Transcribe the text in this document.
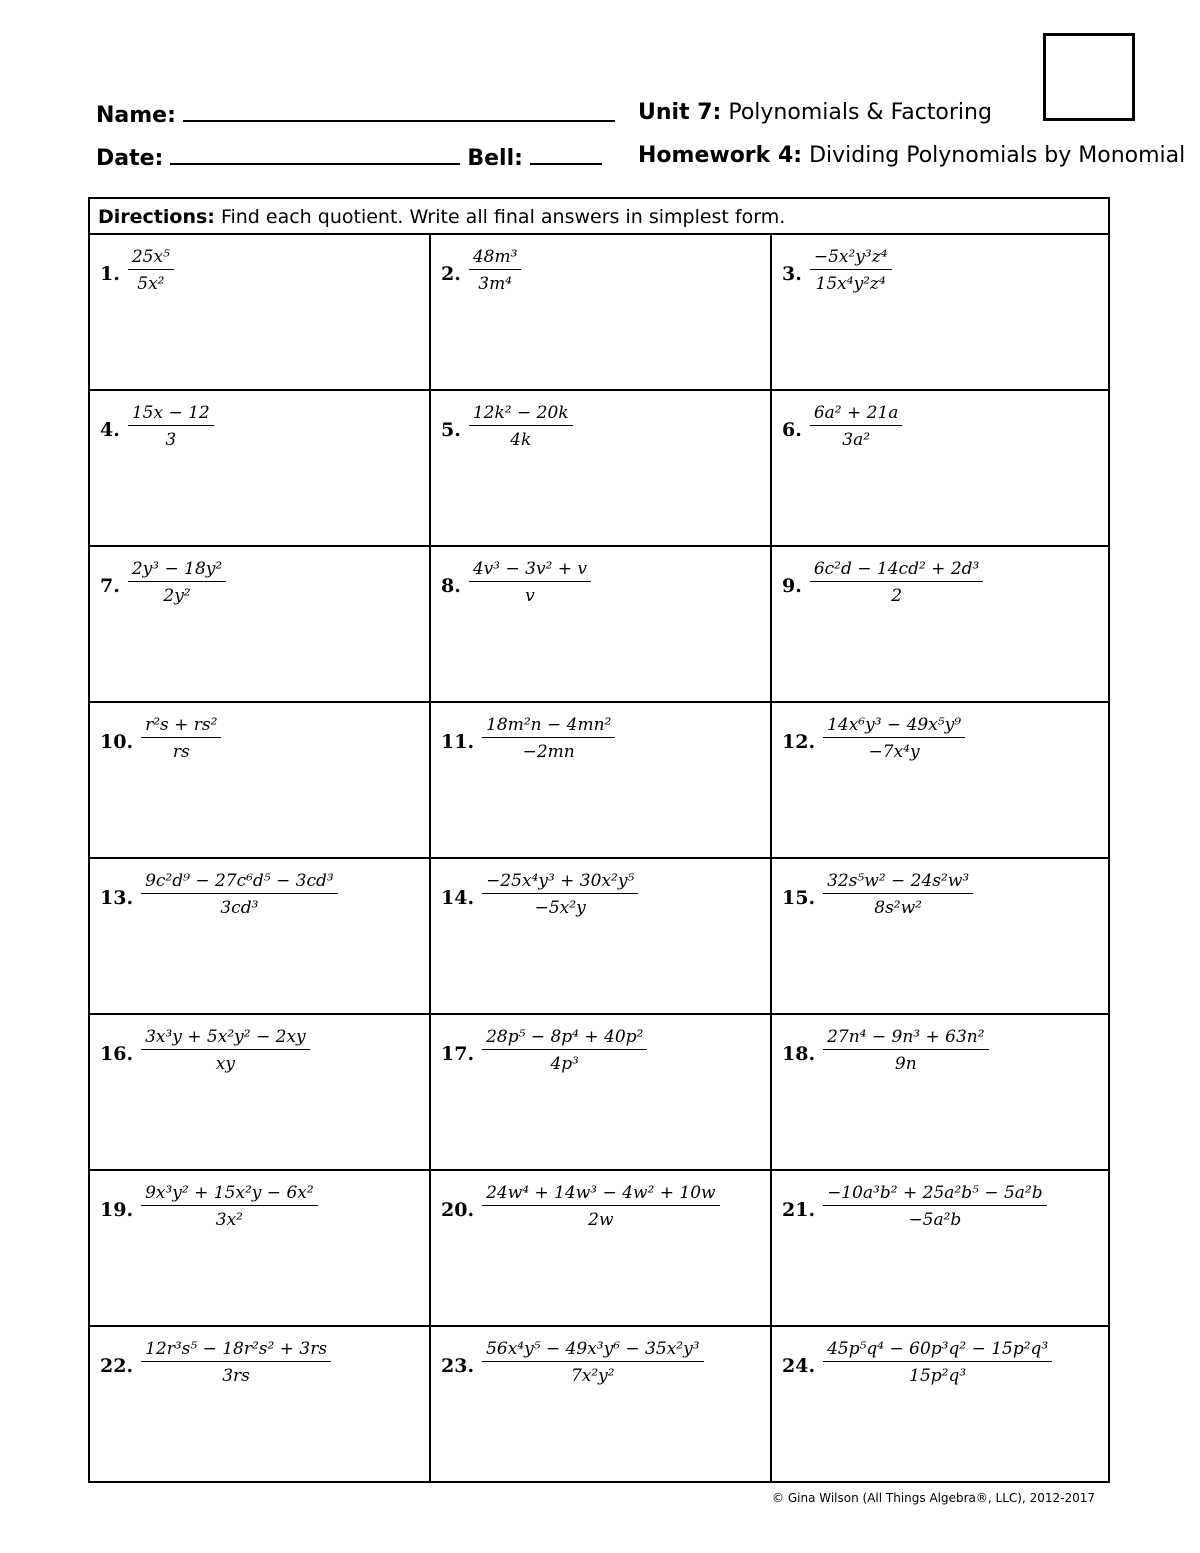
Name:
Date:	Bell:
Unit 7: Polynomials & Factoring
Homework 4: Dividing Polynomials by Monomial
Directions: Find each quotient. Write all final answers in simplest form.
1. $\frac{\text{25x⁵}}{\text{5x²}}$	2. $\frac{\text{48m³}}{\text{3m⁴}}$	3. $\frac{\text{−5x²y³z⁴}}{\text{15x⁴y²z⁴}}$
4. $\frac{15x - 12}{3}$	5. $\frac{\text{12k² − 20k}}{4k}$	6. $\frac{\text{6a² + 21a}}{\text{3a²}}$
7. $\frac{\text{2y³ − 18y²}}{\text{2y²}}$	8. $\frac{\text{4v³ − 3v² + v}}{v}$	9. $\frac{\text{6c²d − 14cd² + 2d³}}{2}$
10. $\frac{\text{r²s + rs²}}{rs}$	11. $\frac{\text{18m²n − 4mn²}}{-2mn}$	12. $\frac{\text{14x⁶y³ − 49x⁵y⁹}}{\text{−7x⁴y}}$
13. $\frac{\text{9c²d⁹ − 27c⁶d⁵ − 3cd³}}{\text{3cd³}}$	14. $\frac{\text{−25x⁴y³ + 30x²y⁵}}{\text{−5x²y}}$	15. $\frac{\text{32s⁵w² − 24s²w³}}{\text{8s²w²}}$
16. $\frac{\text{3x³y + 5x²y² − 2xy}}{xy}$	17. $\frac{\text{28p⁵ − 8p⁴ + 40p²}}{\text{4p³}}$	18. $\frac{\text{27n⁴ − 9n³ + 63n²}}{9n}$
19. $\frac{\text{9x³y² + 15x²y − 6x²}}{\text{3x²}}$	20. $\frac{\text{24w⁴ + 14w³ − 4w² + 10w}}{2w}$	21. $\frac{\text{−10a³b² + 25a²b⁵ − 5a²b}}{\text{−5a²b}}$
22. $\frac{\text{12r³s⁵ − 18r²s² + 3rs}}{3rs}$	23. $\frac{\text{56x⁴y⁵ − 49x³y⁶ − 35x²y³}}{\text{7x²y²}}$	24. $\frac{\text{45p⁵q⁴ − 60p³q² − 15p²q³}}{\text{15p²q³}}$
© Gina Wilson (All Things Algebra®, LLC), 2012-2017
